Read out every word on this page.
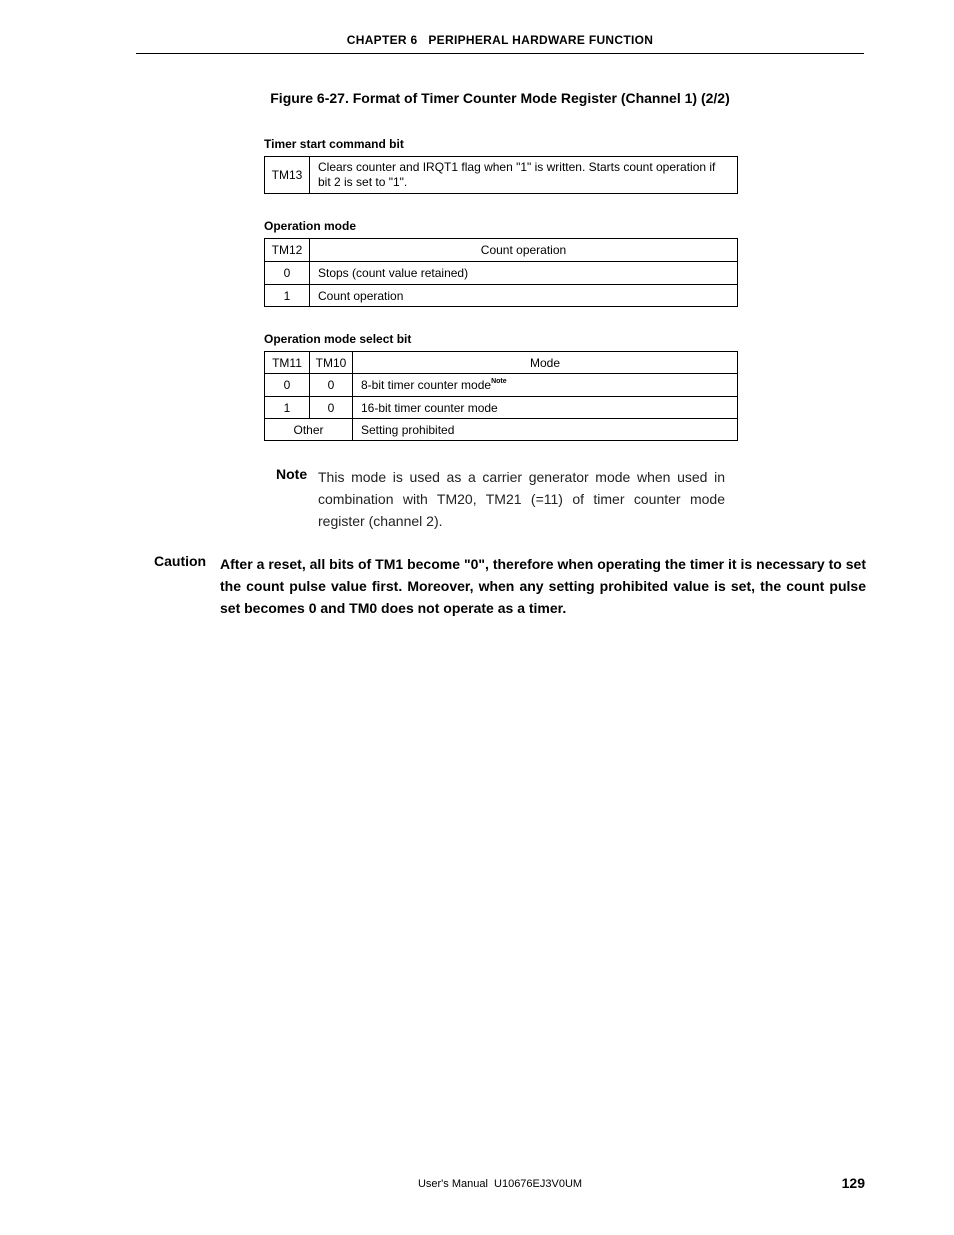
CHAPTER 6   PERIPHERAL HARDWARE FUNCTION
Figure 6-27. Format of Timer Counter Mode Register (Channel 1) (2/2)
Timer start command bit
TM13	Clears counter and IRQT1 flag when "1" is written. Starts count operation if bit 2 is set to "1".
Operation mode
TM12	Count operation
0	Stops (count value retained)
1	Count operation
Operation mode select bit
TM11	TM10	Mode
0	0	8-bit timer counter mode$^{Note}$
1	0	16-bit timer counter mode
Other		Setting prohibited
Note This mode is used as a carrier generator mode when used in combination with TM20, TM21 (=11) of timer counter mode register (channel 2).
Caution After a reset, all bits of TM1 become "0", therefore when operating the timer it is necessary to set the count pulse value first. Moreover, when any setting prohibited value is set, the count pulse set becomes 0 and TM0 does not operate as a timer.
User's Manual  U10676EJ3V0UM	129
